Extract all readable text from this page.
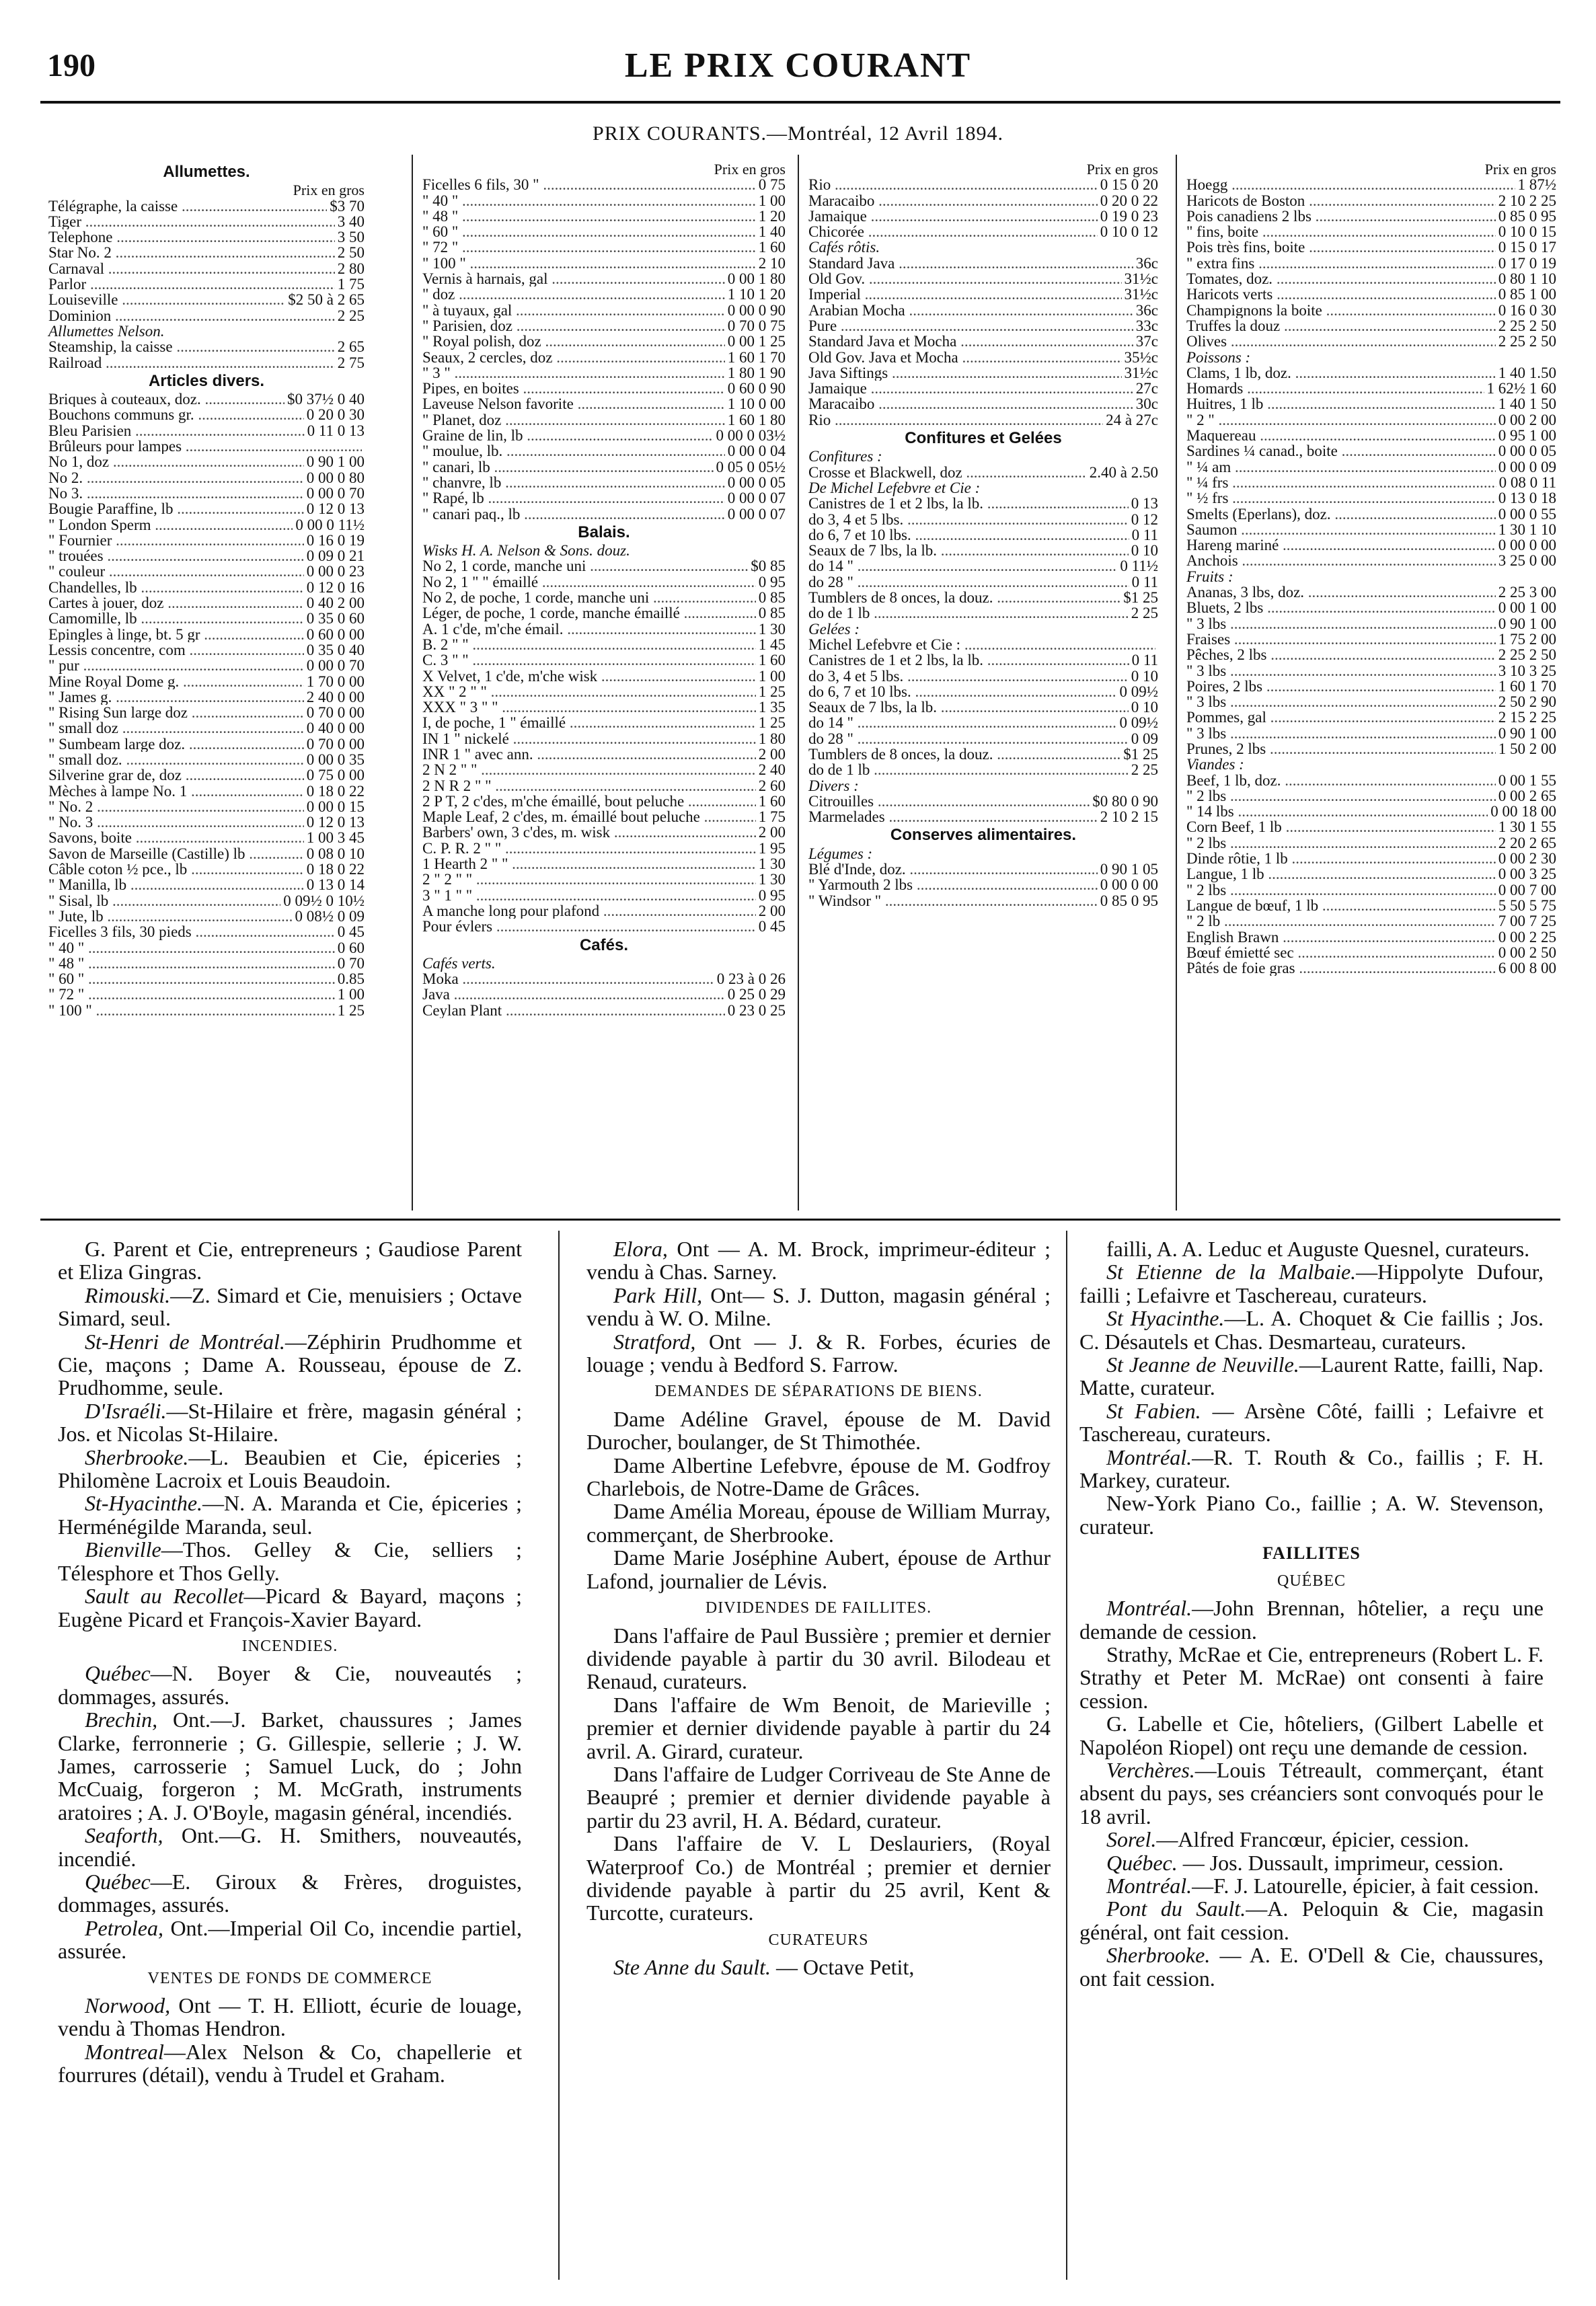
190	LE PRIX COURANT
PRIX COURANTS.—Montréal, 12 Avril 1894.
Allumettes.
Prix en gros
Télégraphe, la caisse .....	$3 70
Tiger .....	3 40
Telephone .....	3 50
Star No. 2 .....	2 50
Carnaval .....	2 80
Parlor .....	1 75
Louiseville .....	$2 50 à 2 65
Dominion .....	2 25
Allumettes Nelson.
Steamship, la caisse .....	2 65
Railroad .....	2 75
Articles divers.
Briques à couteaux, doz. .....	$0 37½ 0 40
Bouchons communs gr. .....	0 20 0 30
Bleu Parisien .....	0 11 0 13
Brûleurs pour lampes .....
No 1, doz .....	0 90 1 00
No 2. .....	0 00 0 80
No 3. .....	0 00 0 70
Bougie Paraffine, lb .....	0 12 0 13
" London Sperm .....	0 00 0 11½
" Fournier .....	0 16 0 19
" trouées .....	0 09 0 21
" couleur .....	0 00 0 23
Chandelles, lb .....	0 12 0 16
Cartes à jouer, doz .....	0 40 2 00
Camomille, lb .....	0 35 0 60
Epingles à linge, bt. 5 gr .....	0 60 0 00
Lessis concentre, com .....	0 35 0 40
" pur .....	0 00 0 70
Mine Royal Dome g. .....	1 70 0 00
" James g. .....	2 40 0 00
" Rising Sun large doz .....	0 70 0 00
" small doz .....	0 40 0 00
" Sumbeam large doz. .....	0 70 0 00
" small doz. .....	0 00 0 35
Silverine grar de, doz .....	0 75 0 00
Mèches à lampe No. 1 .....	0 18 0 22
" No. 2 .....	0 00 0 15
" No. 3 .....	0 12 0 13
Savons, boite .....	1 00 3 45
Savon de Marseille (Castille) lb .....	0 08 0 10
Câble coton ½ pce., lb .....	0 18 0 22
" Manilla, lb .....	0 13 0 14
" Sisal, lb .....	0 09½ 0 10½
" Jute, lb .....	0 08½ 0 09
Ficelles 3 fils, 30 pieds .....	0 45
" 40 " .....	0 60
" 48 " .....	0 70
" 60 " .....	0.85
" 72 " .....	1 00
" 100 " .....	1 25
Prix en gros
Ficelles 6 fils, 30 " .....	0 75
" 40 " .....	1 00
" 48 " .....	1 20
" 60 " .....	1 40
" 72 " .....	1 60
" 100 " .....	2 10
Vernis à harnais, gal .....	0 00 1 80
" doz .....	1 10 1 20
" à tuyaux, gal .....	0 00 0 90
" Parisien, doz .....	0 70 0 75
" Royal polish, doz .....	0 00 1 25
Seaux, 2 cercles, doz .....	1 60 1 70
" 3 " .....	1 80 1 90
Pipes, en boites .....	0 60 0 90
Laveuse Nelson favorite .....	1 10 0 00
" Planet, doz .....	1 60 1 80
Graine de lin, lb .....	0 00 0 03½
" moulue, lb. .....	0 00 0 04
" canari, lb .....	0 05 0 05½
" chanvre, lb .....	0 00 0 05
" Rapé, lb .....	0 00 0 07
" canari paq., lb .....	0 00 0 07
Balais.
Wisks H. A. Nelson & Sons. douz.
No 2, 1 corde, manche uni .....	$0 85
No 2, 1 " " émaillé .....	0 95
No 2, de poche, 1 corde, manche uni .....	0 85
Léger, de poche, 1 corde, manche émaillé .....	0 85
A. 1 c'de, m'che émail. .....	1 30
B. 2 " " .....	1 45
C. 3 " " .....	1 60
X Velvet, 1 c'de, m'che wisk .....	1 00
XX " 2 " " .....	1 25
XXX " 3 " " .....	1 35
I, de poche, 1 " émaillé .....	1 25
IN 1 " nickelé .....	1 80
INR 1 " avec ann. .....	2 00
2 N 2 " " .....	2 40
2 N R 2 " " .....	2 60
2 P T, 2 c'des, m'che émaillé, bout peluche .....	1 60
Maple Leaf, 2 c'des, m. émaillé bout peluche .....	1 75
Barbers' own, 3 c'des, m. wisk .....	2 00
C. P. R. 2 " " .....	1 95
1 Hearth 2 " " .....	1 30
2 " 2 " " .....	1 30
3 " 1 " " .....	0 95
A manche long pour plafond .....	2 00
Pour évlers .....	0 45
Cafés.
Cafés verts.
Moka .....	0 23 à 0 26
Java .....	0 25 0 29
Ceylan Plant .....	0 23 0 25
Prix en gros
Rio .....	0 15 0 20
Maracaibo .....	0 20 0 22
Jamaique .....	0 19 0 23
Chicorée .....	0 10 0 12
Cafés rôtis.
Standard Java .....	36c
Old Gov. .....	31½c
Imperial .....	31½c
Arabian Mocha .....	36c
Pure .....	33c
Standard Java et Mocha .....	37c
Old Gov. Java et Mocha .....	35½c
Java Siftings .....	31½c
Jamaique .....	27c
Maracaibo .....	30c
Rio .....	24 à 27c
Confitures et Gelées
Confitures :
Crosse et Blackwell, doz .....	2.40 à 2.50
De Michel Lefebvre et Cie :
Canistres de 1 et 2 lbs, la lb. .....	0 13
do 3, 4 et 5 lbs. .....	0 12
do 6, 7 et 10 lbs. .....	0 11
Seaux de 7 lbs, la lb. .....	0 10
do 14 " .....	0 11½
do 28 " .....	0 11
Tumblers de 8 onces, la douz. .....	$1 25
do de 1 lb .....	2 25
Gelées :
Michel Lefebvre et Cie : .....
Canistres de 1 et 2 lbs, la lb. .....	0 11
do 3, 4 et 5 lbs. .....	0 10
do 6, 7 et 10 lbs. .....	0 09½
Seaux de 7 lbs, la lb. .....	0 10
do 14 " .....	0 09½
do 28 " .....	0 09
Tumblers de 8 onces, la douz. .....	$1 25
do de 1 lb .....	2 25
Divers :
Citrouilles .....	$0 80 0 90
Marmelades .....	2 10 2 15
Conserves alimentaires.
Légumes :
Blé d'Inde, doz. .....	0 90 1 05
" Yarmouth 2 lbs .....	0 00 0 00
" Windsor " .....	0 85 0 95
Prix en gros
Hoegg .....	1 87½
Haricots de Boston .....	2 10 2 25
Pois canadiens 2 lbs .....	0 85 0 95
" fins, boite .....	0 10 0 15
Pois très fins, boite .....	0 15 0 17
" extra fins .....	0 17 0 19
Tomates, doz. .....	0 80 1 10
Haricots verts .....	0 85 1 00
Champignons la boite .....	0 16 0 30
Truffes la douz .....	2 25 2 50
Olives .....	2 25 2 50
Poissons :
Clams, 1 lb, doz. .....	1 40 1.50
Homards .....	1 62½ 1 60
Huitres, 1 lb .....	1 40 1 50
" 2 " .....	0 00 2 00
Maquereau .....	0 95 1 00
Sardines ¼ canad., boite .....	0 00 0 05
" ¼ am .....	0 00 0 09
" ¼ frs .....	0 08 0 11
" ½ frs .....	0 13 0 18
Smelts (Eperlans), doz. .....	0 00 0 55
Saumon .....	1 30 1 10
Hareng mariné .....	0 00 0 00
Anchois .....	3 25 0 00
Fruits :
Ananas, 3 lbs, doz. .....	2 25 3 00
Bluets, 2 lbs .....	0 00 1 00
" 3 lbs .....	0 90 1 00
Fraises .....	1 75 2 00
Pêches, 2 lbs .....	2 25 2 50
" 3 lbs .....	3 10 3 25
Poires, 2 lbs .....	1 60 1 70
" 3 lbs .....	2 50 2 90
Pommes, gal .....	2 15 2 25
" 3 lbs .....	0 90 1 00
Prunes, 2 lbs .....	1 50 2 00
Viandes :
Beef, 1 lb, doz. .....	0 00 1 55
" 2 lbs .....	0 00 2 65
" 14 lbs .....	0 00 18 00
Corn Beef, 1 lb .....	1 30 1 55
" 2 lbs .....	2 20 2 65
Dinde rôtie, 1 lb .....	0 00 2 30
Langue, 1 lb .....	0 00 3 25
" 2 lbs .....	0 00 7 00
Langue de bœuf, 1 lb .....	5 50 5 75
" 2 lb .....	7 00 7 25
English Brawn .....	0 00 2 25
Bœuf émietté sec .....	0 00 2 50
Pâtés de foie gras .....	6 00 8 00

G. Parent et Cie, entrepreneurs ; Gaudiose Parent et Eliza Gingras.

Rimouski.—Z. Simard et Cie, menuisiers ; Octave Simard, seul.

St-Henri de Montréal.—Zéphirin Prudhomme et Cie, maçons ; Dame A. Rousseau, épouse de Z. Prudhomme, seule.

D'Israéli.—St-Hilaire et frère, magasin général ; Jos. et Nicolas St-Hilaire.

Sherbrooke.—L. Beaubien et Cie, épiceries ; Philomène Lacroix et Louis Beaudoin.

St-Hyacinthe.—N. A. Maranda et Cie, épiceries ; Herménégilde Maranda, seul.

Bienville—Thos. Gelley & Cie, selliers ; Télesphore et Thos Gelly.

Sault au Recollet—Picard & Bayard, maçons ; Eugène Picard et François-Xavier Bayard.

INCENDIES.

Québec—N. Boyer & Cie, nouveautés ; dommages, assurés.

Brechin, Ont.—J. Barket, chaussures ; James Clarke, ferronnerie ; G. Gillespie, sellerie ; J. W. James, carrosserie ; Samuel Luck, do ; John McCuaig, forgeron ; M. McGrath, instruments aratoires ; A. J. O'Boyle, magasin général, incendiés.

Seaforth, Ont.—G. H. Smithers, nouveautés, incendié.

Québec—E. Giroux & Frères, droguistes, dommages, assurés.

Petrolea, Ont.—Imperial Oil Co, incendie partiel, assurée.

VENTES DE FONDS DE COMMERCE

Norwood, Ont — T. H. Elliott, écurie de louage, vendu à Thomas Hendron.

Montreal—Alex Nelson & Co, chapellerie et fourrures (détail), vendu à Trudel et Graham.

Elora, Ont — A. M. Brock, imprimeur-éditeur ; vendu à Chas. Sarney.

Park Hill, Ont— S. J. Dutton, magasin général ; vendu à W. O. Milne.

Stratford, Ont — J. & R. Forbes, écuries de louage ; vendu à Bedford S. Farrow.

DEMANDES DE SÉPARATIONS DE BIENS.

Dame Adéline Gravel, épouse de M. David Durocher, boulanger, de St Thimothée.

Dame Albertine Lefebvre, épouse de M. Godfroy Charlebois, de Notre-Dame de Grâces.

Dame Amélia Moreau, épouse de William Murray, commerçant, de Sherbrooke.

Dame Marie Joséphine Aubert, épouse de Arthur Lafond, journalier de Lévis.

DIVIDENDES DE FAILLITES.

Dans l'affaire de Paul Bussière ; premier et dernier dividende payable à partir du 30 avril. Bilodeau et Renaud, curateurs.

Dans l'affaire de Wm Benoit, de Marieville ; premier et dernier dividende payable à partir du 24 avril. A. Girard, curateur.

Dans l'affaire de Ludger Corriveau de Ste Anne de Beaupré ; premier et dernier dividende payable à partir du 23 avril, H. A. Bédard, curateur.

Dans l'affaire de V. L Deslauriers, (Royal Waterproof Co.) de Montréal ; premier et dernier dividende payable à partir du 25 avril, Kent & Turcotte, curateurs.

CURATEURS

Ste Anne du Sault. — Octave Petit,

failli, A. A. Leduc et Auguste Quesnel, curateurs.

St Etienne de la Malbaie.—Hippolyte Dufour, failli ; Lefaivre et Taschereau, curateurs.

St Hyacinthe.—L. A. Choquet & Cie faillis ; Jos. C. Désautels et Chas. Desmarteau, curateurs.

St Jeanne de Neuville.—Laurent Ratte, failli, Nap. Matte, curateur.

St Fabien. — Arsène Côté, failli ; Lefaivre et Taschereau, curateurs.

Montréal.—R. T. Routh & Co., faillis ; F. H. Markey, curateur.

New-York Piano Co., faillie ; A. W. Stevenson, curateur.

FAILLITES
QUÉBEC

Montréal.—John Brennan, hôtelier, a reçu une demande de cession.

Strathy, McRae et Cie, entrepreneurs (Robert L. F. Strathy et Peter M. McRae) ont consenti à faire cession.

G. Labelle et Cie, hôteliers, (Gilbert Labelle et Napoléon Riopel) ont reçu une demande de cession.

Verchères.—Louis Tétreault, commerçant, étant absent du pays, ses créanciers sont convoqués pour le 18 avril.

Sorel.—Alfred Francœur, épicier, cession.

Québec. — Jos. Dussault, imprimeur, cession.

Montréal.—F. J. Latourelle, épicier, à fait cession.

Pont du Sault.—A. Peloquin & Cie, magasin général, ont fait cession.

Sherbrooke. — A. E. O'Dell & Cie, chaussures, ont fait cession.
